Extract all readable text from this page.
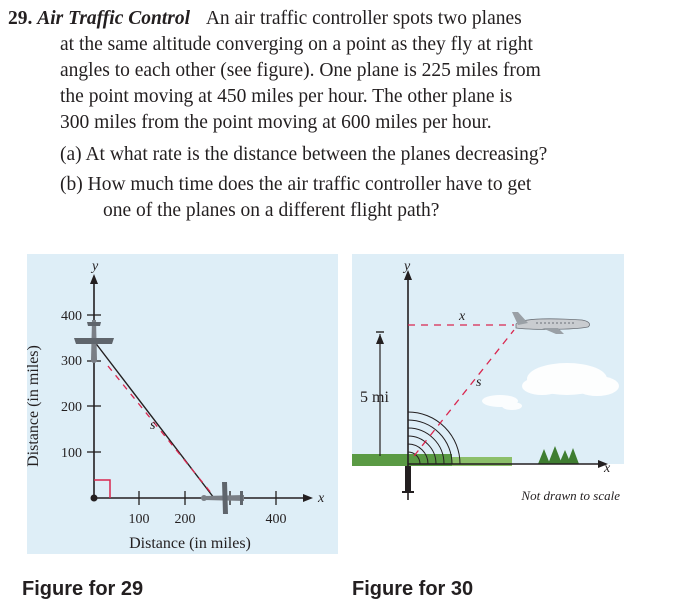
29. Air Traffic Control An air traffic controller spots two planes
at the same altitude converging on a point as they fly at right
angles to each other (see figure). One plane is 225 miles from
the point moving at 450 miles per hour. The other plane is
300 miles from the point moving at 600 miles per hour.
(a) At what rate is the distance between the planes decreasing?
(b) How much time does the air traffic controller have to get
one of the planes on a different flight path?
y
x
100
200
300
400
100 200	400
Distance (in miles)
Distance (in miles)	s
y
x
5 mi
x
s
Not drawn to scale
Figure for 29	Figure for 30
